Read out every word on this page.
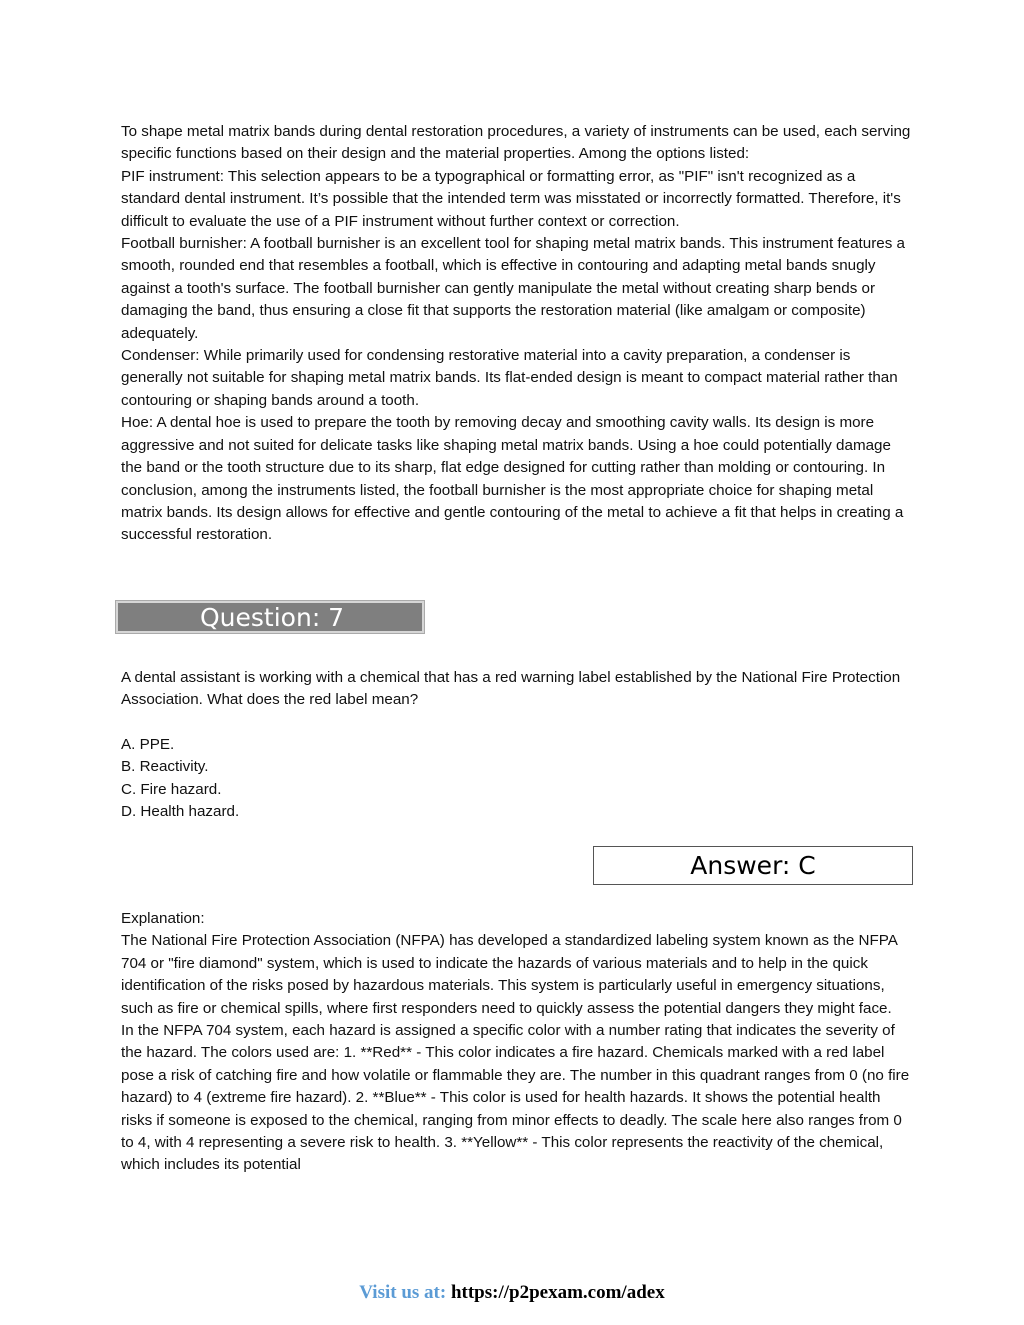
To shape metal matrix bands during dental restoration procedures, a variety of instruments can be used, each serving specific functions based on their design and the material properties. Among the options listed:

PIF instrument: This selection appears to be a typographical or formatting error, as "PIF" isn't recognized as a standard dental instrument. It’s possible that the intended term was misstated or incorrectly formatted. Therefore, it's difficult to evaluate the use of a PIF instrument without further context or correction.

Football burnisher: A football burnisher is an excellent tool for shaping metal matrix bands. This instrument features a smooth, rounded end that resembles a football, which is effective in contouring and adapting metal bands snugly against a tooth's surface. The football burnisher can gently manipulate the metal without creating sharp bends or damaging the band, thus ensuring a close fit that supports the restoration material (like amalgam or composite) adequately.

Condenser: While primarily used for condensing restorative material into a cavity preparation, a condenser is generally not suitable for shaping metal matrix bands. Its flat-ended design is meant to compact material rather than contouring or shaping bands around a tooth.

Hoe: A dental hoe is used to prepare the tooth by removing decay and smoothing cavity walls. Its design is more aggressive and not suited for delicate tasks like shaping metal matrix bands. Using a hoe could potentially damage the band or the tooth structure due to its sharp, flat edge designed for cutting rather than molding or contouring. In conclusion, among the instruments listed, the football burnisher is the most appropriate choice for shaping metal matrix bands. Its design allows for effective and gentle contouring of the metal to achieve a fit that helps in creating a successful restoration.

Question: 7

A dental assistant is working with a chemical that has a red warning label established by the National Fire Protection Association. What does the red label mean?

A. PPE.

B. Reactivity.

C. Fire hazard.

D. Health hazard.

Answer: C

Explanation:

The National Fire Protection Association (NFPA) has developed a standardized labeling system known as the NFPA 704 or "fire diamond" system, which is used to indicate the hazards of various materials and to help in the quick identification of the risks posed by hazardous materials. This system is particularly useful in emergency situations, such as fire or chemical spills, where first responders need to quickly assess the potential dangers they might face.

In the NFPA 704 system, each hazard is assigned a specific color with a number rating that indicates the severity of the hazard. The colors used are: 1. **Red** - This color indicates a fire hazard. Chemicals marked with a red label pose a risk of catching fire and how volatile or flammable they are. The number in this quadrant ranges from 0 (no fire hazard) to 4 (extreme fire hazard). 2. **Blue** - This color is used for health hazards. It shows the potential health risks if someone is exposed to the chemical, ranging from minor effects to deadly. The scale here also ranges from 0 to 4, with 4 representing a severe risk to health. 3. **Yellow** - This color represents the reactivity of the chemical, which includes its potential

Visit us at: https://p2pexam.com/adex
